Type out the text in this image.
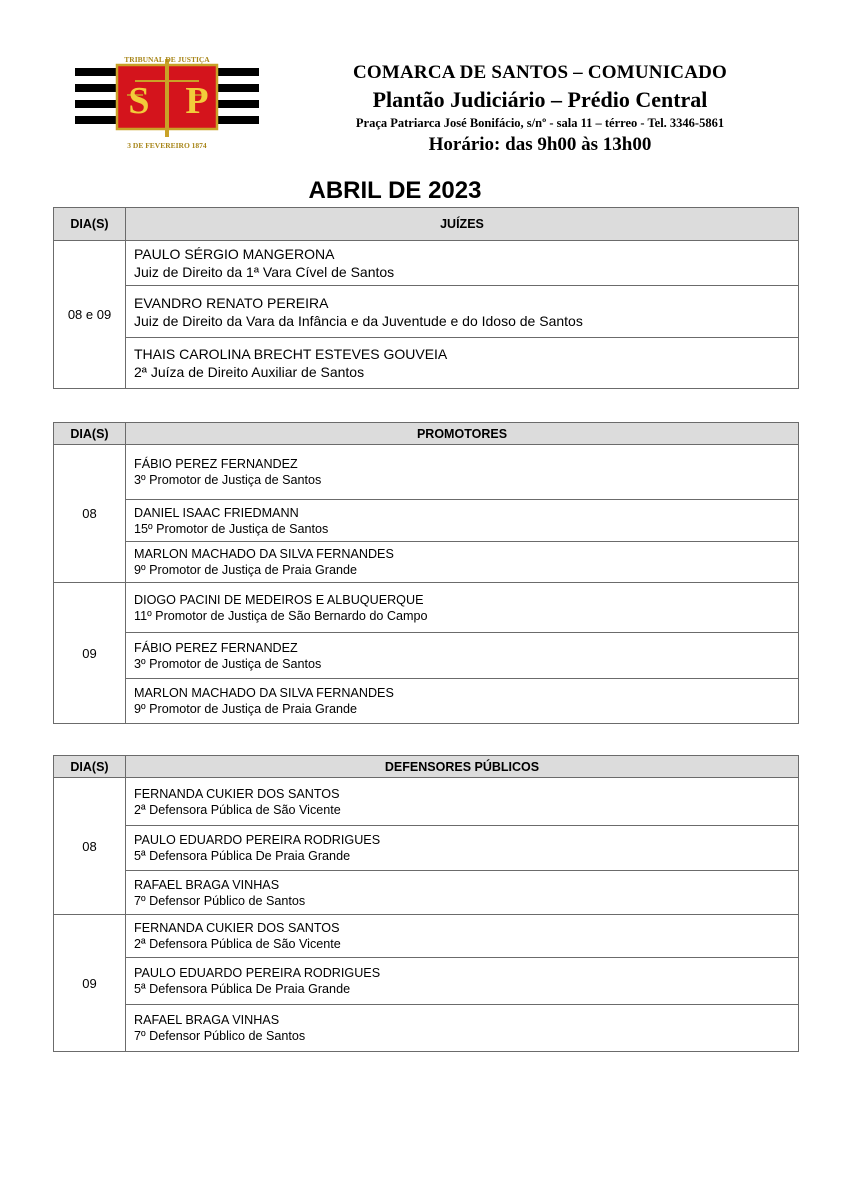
S P
TRIBUNAL DE JUSTIÇA
3 DE FEVEREIRO 1874
COMARCA DE SANTOS – COMUNICADO
Plantão Judiciário – Prédio Central
Praça Patriarca José Bonifácio, s/nº - sala 11 – térreo - Tel. 3346-5861
Horário: das 9h00 às 13h00
ABRIL DE 2023
DIA(S)	JUÍZES
08 e 09	PAULO SÉRGIO MANGERONA
Juiz de Direito da 1ª Vara Cível de Santos

	EVANDRO RENATO PEREIRA
Juiz de Direito da Vara da Infância e da Juventude e do Idoso de Santos

	THAIS CAROLINA BRECHT ESTEVES GOUVEIA
2ª Juíza de Direito Auxiliar de Santos
DIA(S)	PROMOTORES
08	FÁBIO PEREZ FERNANDEZ
3º Promotor de Justiça de Santos

	DANIEL ISAAC FRIEDMANN
15º Promotor de Justiça de Santos

	MARLON MACHADO DA SILVA FERNANDES
9º Promotor de Justiça de Praia Grande

09	DIOGO PACINI DE MEDEIROS E ALBUQUERQUE
11º Promotor de Justiça de São Bernardo do Campo

	FÁBIO PEREZ FERNANDEZ
3º Promotor de Justiça de Santos

	MARLON MACHADO DA SILVA FERNANDES
9º Promotor de Justiça de Praia Grande
DIA(S)	DEFENSORES PÚBLICOS
08	FERNANDA CUKIER DOS SANTOS
2ª Defensora Pública de São Vicente

	PAULO EDUARDO PEREIRA RODRIGUES
5ª Defensora Pública De Praia Grande

	RAFAEL BRAGA VINHAS
7º Defensor Público de Santos

09	FERNANDA CUKIER DOS SANTOS
2ª Defensora Pública de São Vicente

	PAULO EDUARDO PEREIRA RODRIGUES
5ª Defensora Pública De Praia Grande

	RAFAEL BRAGA VINHAS
7º Defensor Público de Santos
